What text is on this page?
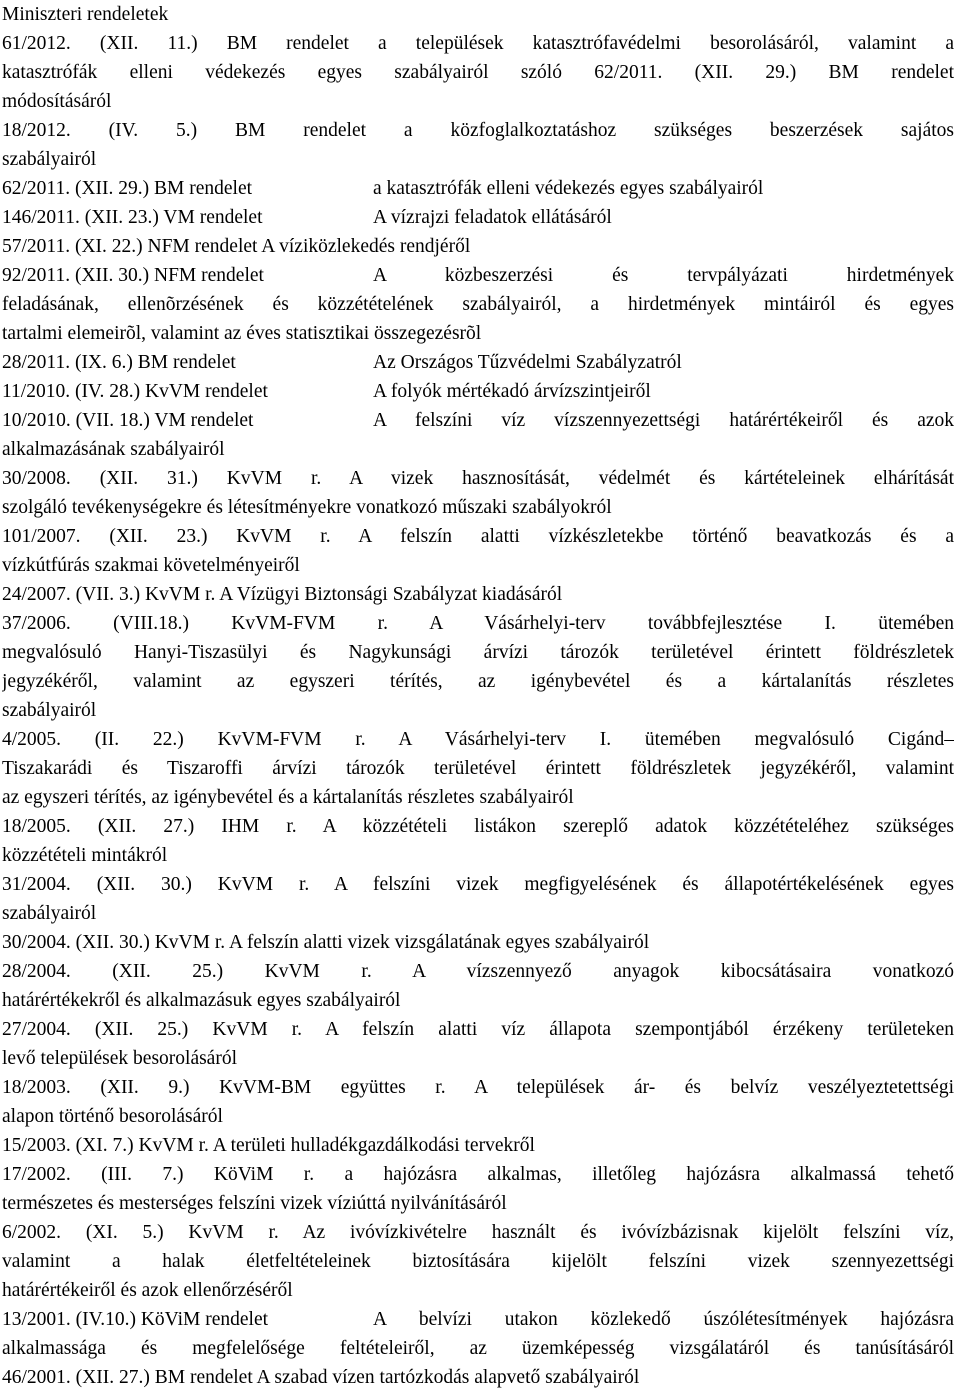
Miniszteri rendeletek
61/2012. (XII. 11.) BM rendelet a települések katasztrófavédelmi besorolásáról, valamint a
katasztrófák elleni védekezés egyes szabályairól szóló 62/2011. (XII. 29.) BM rendelet
módosításáról
18/2012. (IV. 5.) BM rendelet a közfoglalkoztatáshoz szükséges beszerzések sajátos
szabályairól
62/2011. (XII. 29.) BM rendelet	a katasztrófák elleni védekezés egyes szabályairól
146/2011. (XII. 23.) VM rendelet	A vízrajzi feladatok ellátásáról
57/2011. (XI. 22.) NFM rendelet A víziközlekedés rendjéről
92/2011. (XII. 30.) NFM rendelet	A közbeszerzési és tervpályázati hirdetmények
feladásának, ellenõrzésének és közzétételének szabályairól, a hirdetmények mintáiról és egyes
tartalmi elemeirõl, valamint az éves statisztikai összegezésrõl
28/2011. (IX. 6.) BM rendelet	Az Országos Tűzvédelmi Szabályzatról
11/2010. (IV. 28.) KvVM rendelet	A folyók mértékadó árvízszintjeiről
10/2010. (VII. 18.) VM rendelet	A felszíni víz vízszennyezettségi határértékeiről és azok
alkalmazásának szabályairól
30/2008. (XII. 31.) KvVM r. A vizek hasznosítását, védelmét és kártételeinek elhárítását
szolgáló tevékenységekre és létesítményekre vonatkozó műszaki szabályokról
101/2007. (XII. 23.) KvVM r. A felszín alatti vízkészletekbe történő beavatkozás és a
vízkútfúrás szakmai követelményeiről
24/2007. (VII. 3.) KvVM r. A Vízügyi Biztonsági Szabályzat kiadásáról
37/2006. (VIII.18.) KvVM-FVM r. A Vásárhelyi-terv továbbfejlesztése I. ütemében
megvalósuló Hanyi-Tiszasülyi és Nagykunsági árvízi tározók területével érintett földrészletek
jegyzékéről, valamint az egyszeri térítés, az igénybevétel és a kártalanítás részletes
szabályairól
4/2005. (II. 22.) KvVM-FVM r. A Vásárhelyi-terv I. ütemében megvalósuló Cigánd–
Tiszakarádi és Tiszaroffi árvízi tározók területével érintett földrészletek jegyzékéről, valamint
az egyszeri térítés, az igénybevétel és a kártalanítás részletes szabályairól
18/2005. (XII. 27.) IHM r. A közzétételi listákon szereplő adatok közzétételéhez szükséges
közzétételi mintákról
31/2004. (XII. 30.) KvVM r. A felszíni vizek megfigyelésének és állapotértékelésének egyes
szabályairól
30/2004. (XII. 30.) KvVM r. A felszín alatti vizek vizsgálatának egyes szabályairól
28/2004. (XII. 25.) KvVM r. A vízszennyező anyagok kibocsátásaira vonatkozó
határértékekről és alkalmazásuk egyes szabályairól
27/2004. (XII. 25.) KvVM r. A felszín alatti víz állapota szempontjából érzékeny területeken
levő települések besorolásáról
18/2003. (XII. 9.) KvVM-BM együttes r. A települések ár- és belvíz veszélyeztetettségi
alapon történő besorolásáról
15/2003. (XI. 7.) KvVM r. A területi hulladékgazdálkodási tervekről
17/2002. (III. 7.) KöViM r. a hajózásra alkalmas, illetőleg hajózásra alkalmassá tehető
természetes és mesterséges felszíni vizek víziúttá nyilvánításáról
6/2002. (XI. 5.) KvVM r. Az ivóvízkivételre használt és ivóvízbázisnak kijelölt felszíni víz,
valamint a halak életfeltételeinek biztosítására kijelölt felszíni vizek szennyezettségi
határértékeiről és azok ellenőrzéséről
13/2001. (IV.10.) KöViM rendelet	A belvízi utakon közlekedő úszólétesítmények hajózásra
alkalmassága és megfelelősége feltételeiről, az üzemképesség vizsgálatáról és tanúsításáról
46/2001. (XII. 27.) BM rendelet A szabad vízen tartózkodás alapvető szabályairól
